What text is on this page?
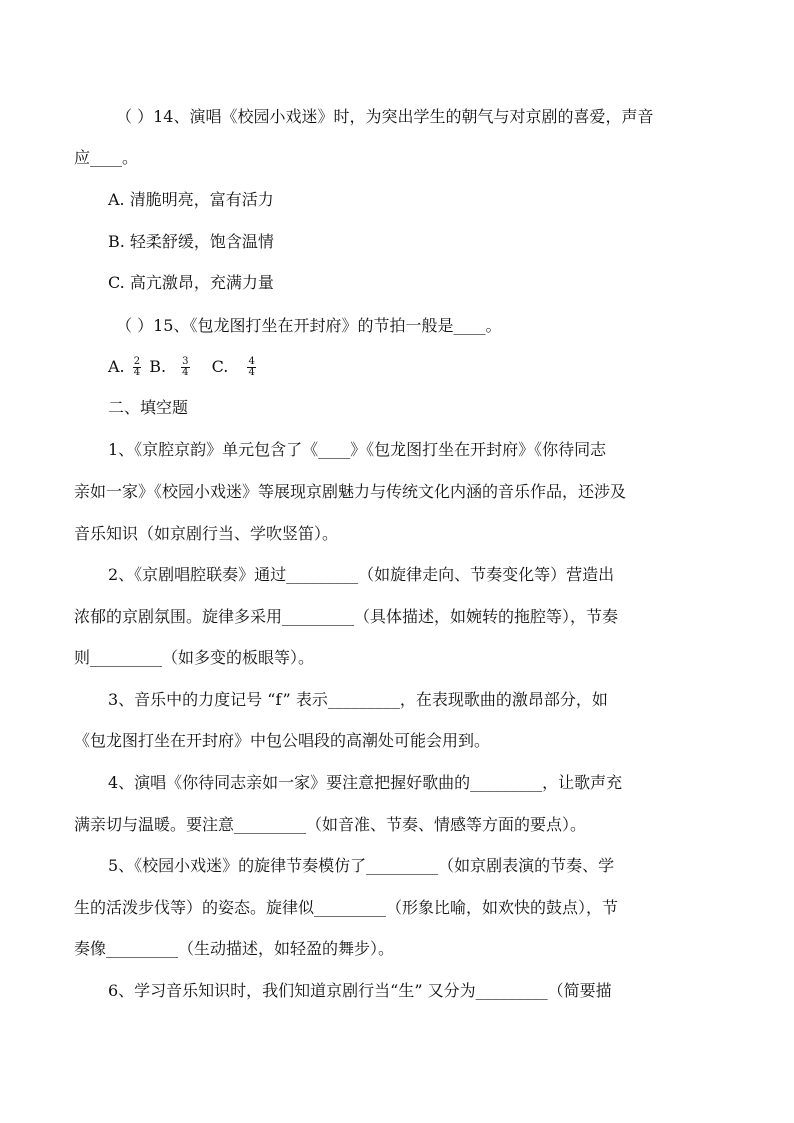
（ ）14、演唱《校园小戏迷》时，为突出学生的朝气与对京剧的喜爱，声音
应____。
A. 清脆明亮，富有活力
B. 轻柔舒缓，饱含温情
C. 高亢激昂，充满力量
（ ）15、《包龙图打坐在开封府》的节拍一般是____。
A. $\frac{2}{4} B$. $\frac{3}{4} C$. $\frac{4}{4}$
二、填空题
1、《京腔京韵》单元包含了《____》《包龙图打坐在开封府》《你待同志
亲如一家》《校园小戏迷》等展现京剧魅力与传统文化内涵的音乐作品，还涉及
音乐知识（如京剧行当、学吹竖笛）。
2、《京剧唱腔联奏》通过_________（如旋律走向、节奏变化等）营造出
浓郁的京剧氛围。旋律多采用_________（具体描述，如婉转的拖腔等），节奏
则_________（如多变的板眼等）。
3、音乐中的力度记号 “f” 表示_________，在表现歌曲的激昂部分，如
《包龙图打坐在开封府》中包公唱段的高潮处可能会用到。
4、演唱《你待同志亲如一家》要注意把握好歌曲的_________，让歌声充
满亲切与温暖。要注意_________（如音准、节奏、情感等方面的要点）。
5、《校园小戏迷》的旋律节奏模仿了_________（如京剧表演的节奏、学
生的活泼步伐等）的姿态。旋律似_________（形象比喻，如欢快的鼓点），节
奏像_________（生动描述，如轻盈的舞步）。
6、学习音乐知识时，我们知道京剧行当“生” 又分为_________（简要描
